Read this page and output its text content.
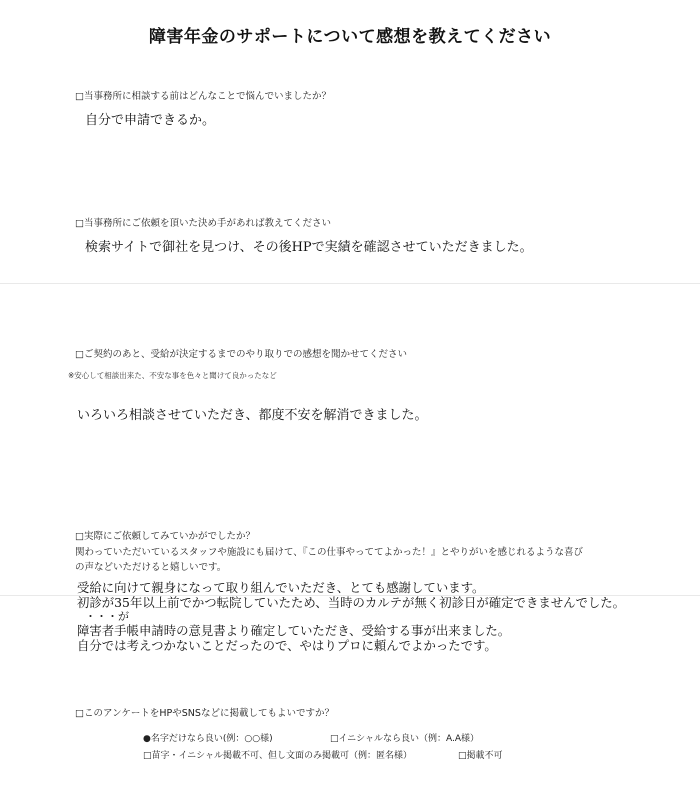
障害年金のサポートについて感想を教えてください
□当事務所に相談する前はどんなことで悩んでいましたか？
自分で申請できるか。
□当事務所にご依頼を頂いた決め手があれば教えてください
検索サイトで御社を見つけ、その後HPで実績を確認させていただきました。
□ご契約のあと、受給が決定するまでのやり取りでの感想を聞かせてください
※安心して相談出来た、不安な事を色々と聞けて良かったなど
いろいろ相談させていただき、都度不安を解消できました。
□実際にご依頼してみていかがでしたか？
関わっていただいているスタッフや施設にも届けて、『この仕事やっててよかった！』とやりがいを感じれるような喜び
の声などいただけると嬉しいです。
受給に向けて親身になって取り組んでいただき、とても感謝しています。
初診が35年以上前でかつ転院していたため、当時のカルテが無く初診日が確定できませんでした。
・・・が
障害者手帳申請時の意見書より確定していただき、受給する事が出来ました。
自分では考えつかないことだったので、やはりプロに頼んでよかったです。
□このアンケートをHPやSNSなどに掲載してもよいですか？
●名字だけなら良い(例：○○様)	□イニシャルなら良い（例：A.A様）
□苗字・イニシャル掲載不可、但し文面のみ掲載可（例：匿名様）	□掲載不可
